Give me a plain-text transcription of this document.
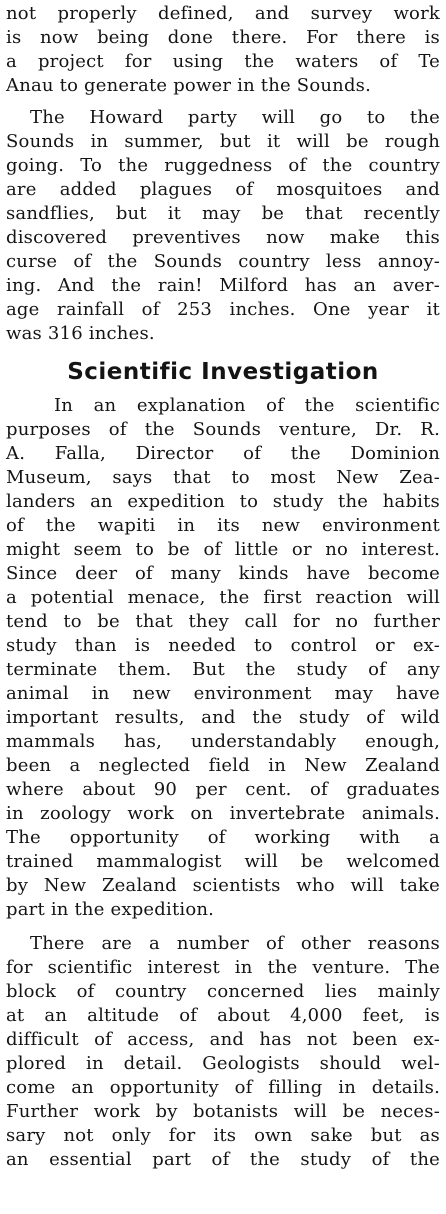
not properly defined, and survey work
is now being done there. For there is
a project for using the waters of Te
Anau to generate power in the Sounds.
The Howard party will go to the
Sounds in summer, but it will be rough
going. To the ruggedness of the country
are added plagues of mosquitoes and
sandflies, but it may be that recently
discovered preventives now make this
curse of the Sounds country less annoy-
ing. And the rain! Milford has an aver-
age rainfall of 253 inches. One year it
was 316 inches.
Scientific Investigation
In an explanation of the scientific
purposes of the Sounds venture, Dr. R.
A. Falla, Director of the Dominion
Museum, says that to most New Zea-
landers an expedition to study the habits
of the wapiti in its new environment
might seem to be of little or no interest.
Since deer of many kinds have become
a potential menace, the first reaction will
tend to be that they call for no further
study than is needed to control or ex-
terminate them. But the study of any
animal in new environment may have
important results, and the study of wild
mammals has, understandably enough,
been a neglected field in New Zealand
where about 90 per cent. of graduates
in zoology work on invertebrate animals.
The opportunity of working with a
trained mammalogist will be welcomed
by New Zealand scientists who will take
part in the expedition.
There are a number of other reasons
for scientific interest in the venture. The
block of country concerned lies mainly
at an altitude of about 4,000 feet, is
difficult of access, and has not been ex-
plored in detail. Geologists should wel-
come an opportunity of filling in details.
Further work by botanists will be neces-
sary not only for its own sake but as
an essential part of the study of the
